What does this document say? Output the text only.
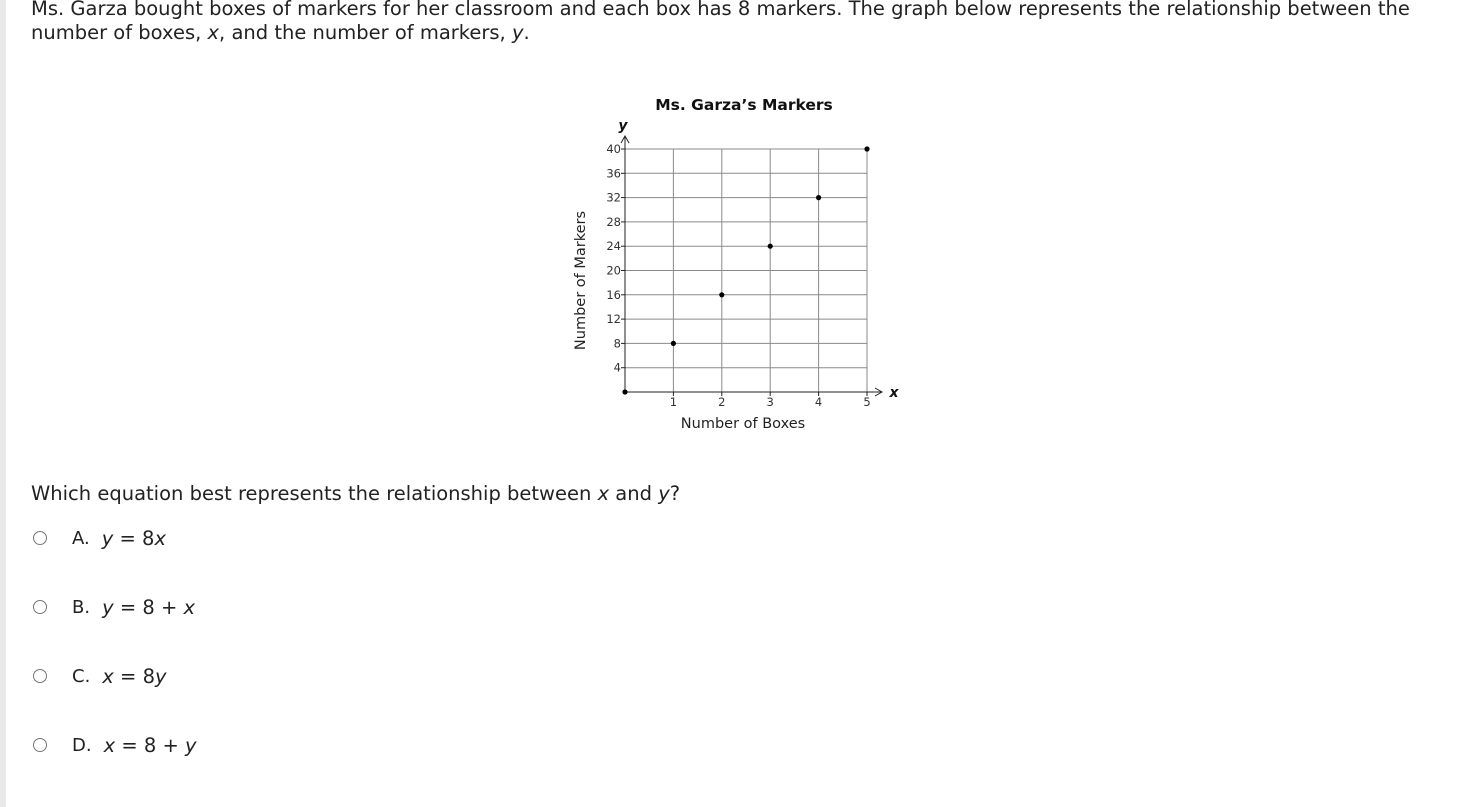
Ms. Garza bought boxes of markers for her classroom and each box has 8 markers. The graph below represents the relationship between the number of boxes, x, and the number of markers, y.
4
8
12
16
20
24
28
32
36
40
1	2	3	4	5
Ms. Garza’s Markers
Number of Boxes
Number of Markers
y
x
Which equation best represents the relationship between x and y?
A. y = 8x
B. y = 8 + x
C. x = 8y
D. x = 8 + y
